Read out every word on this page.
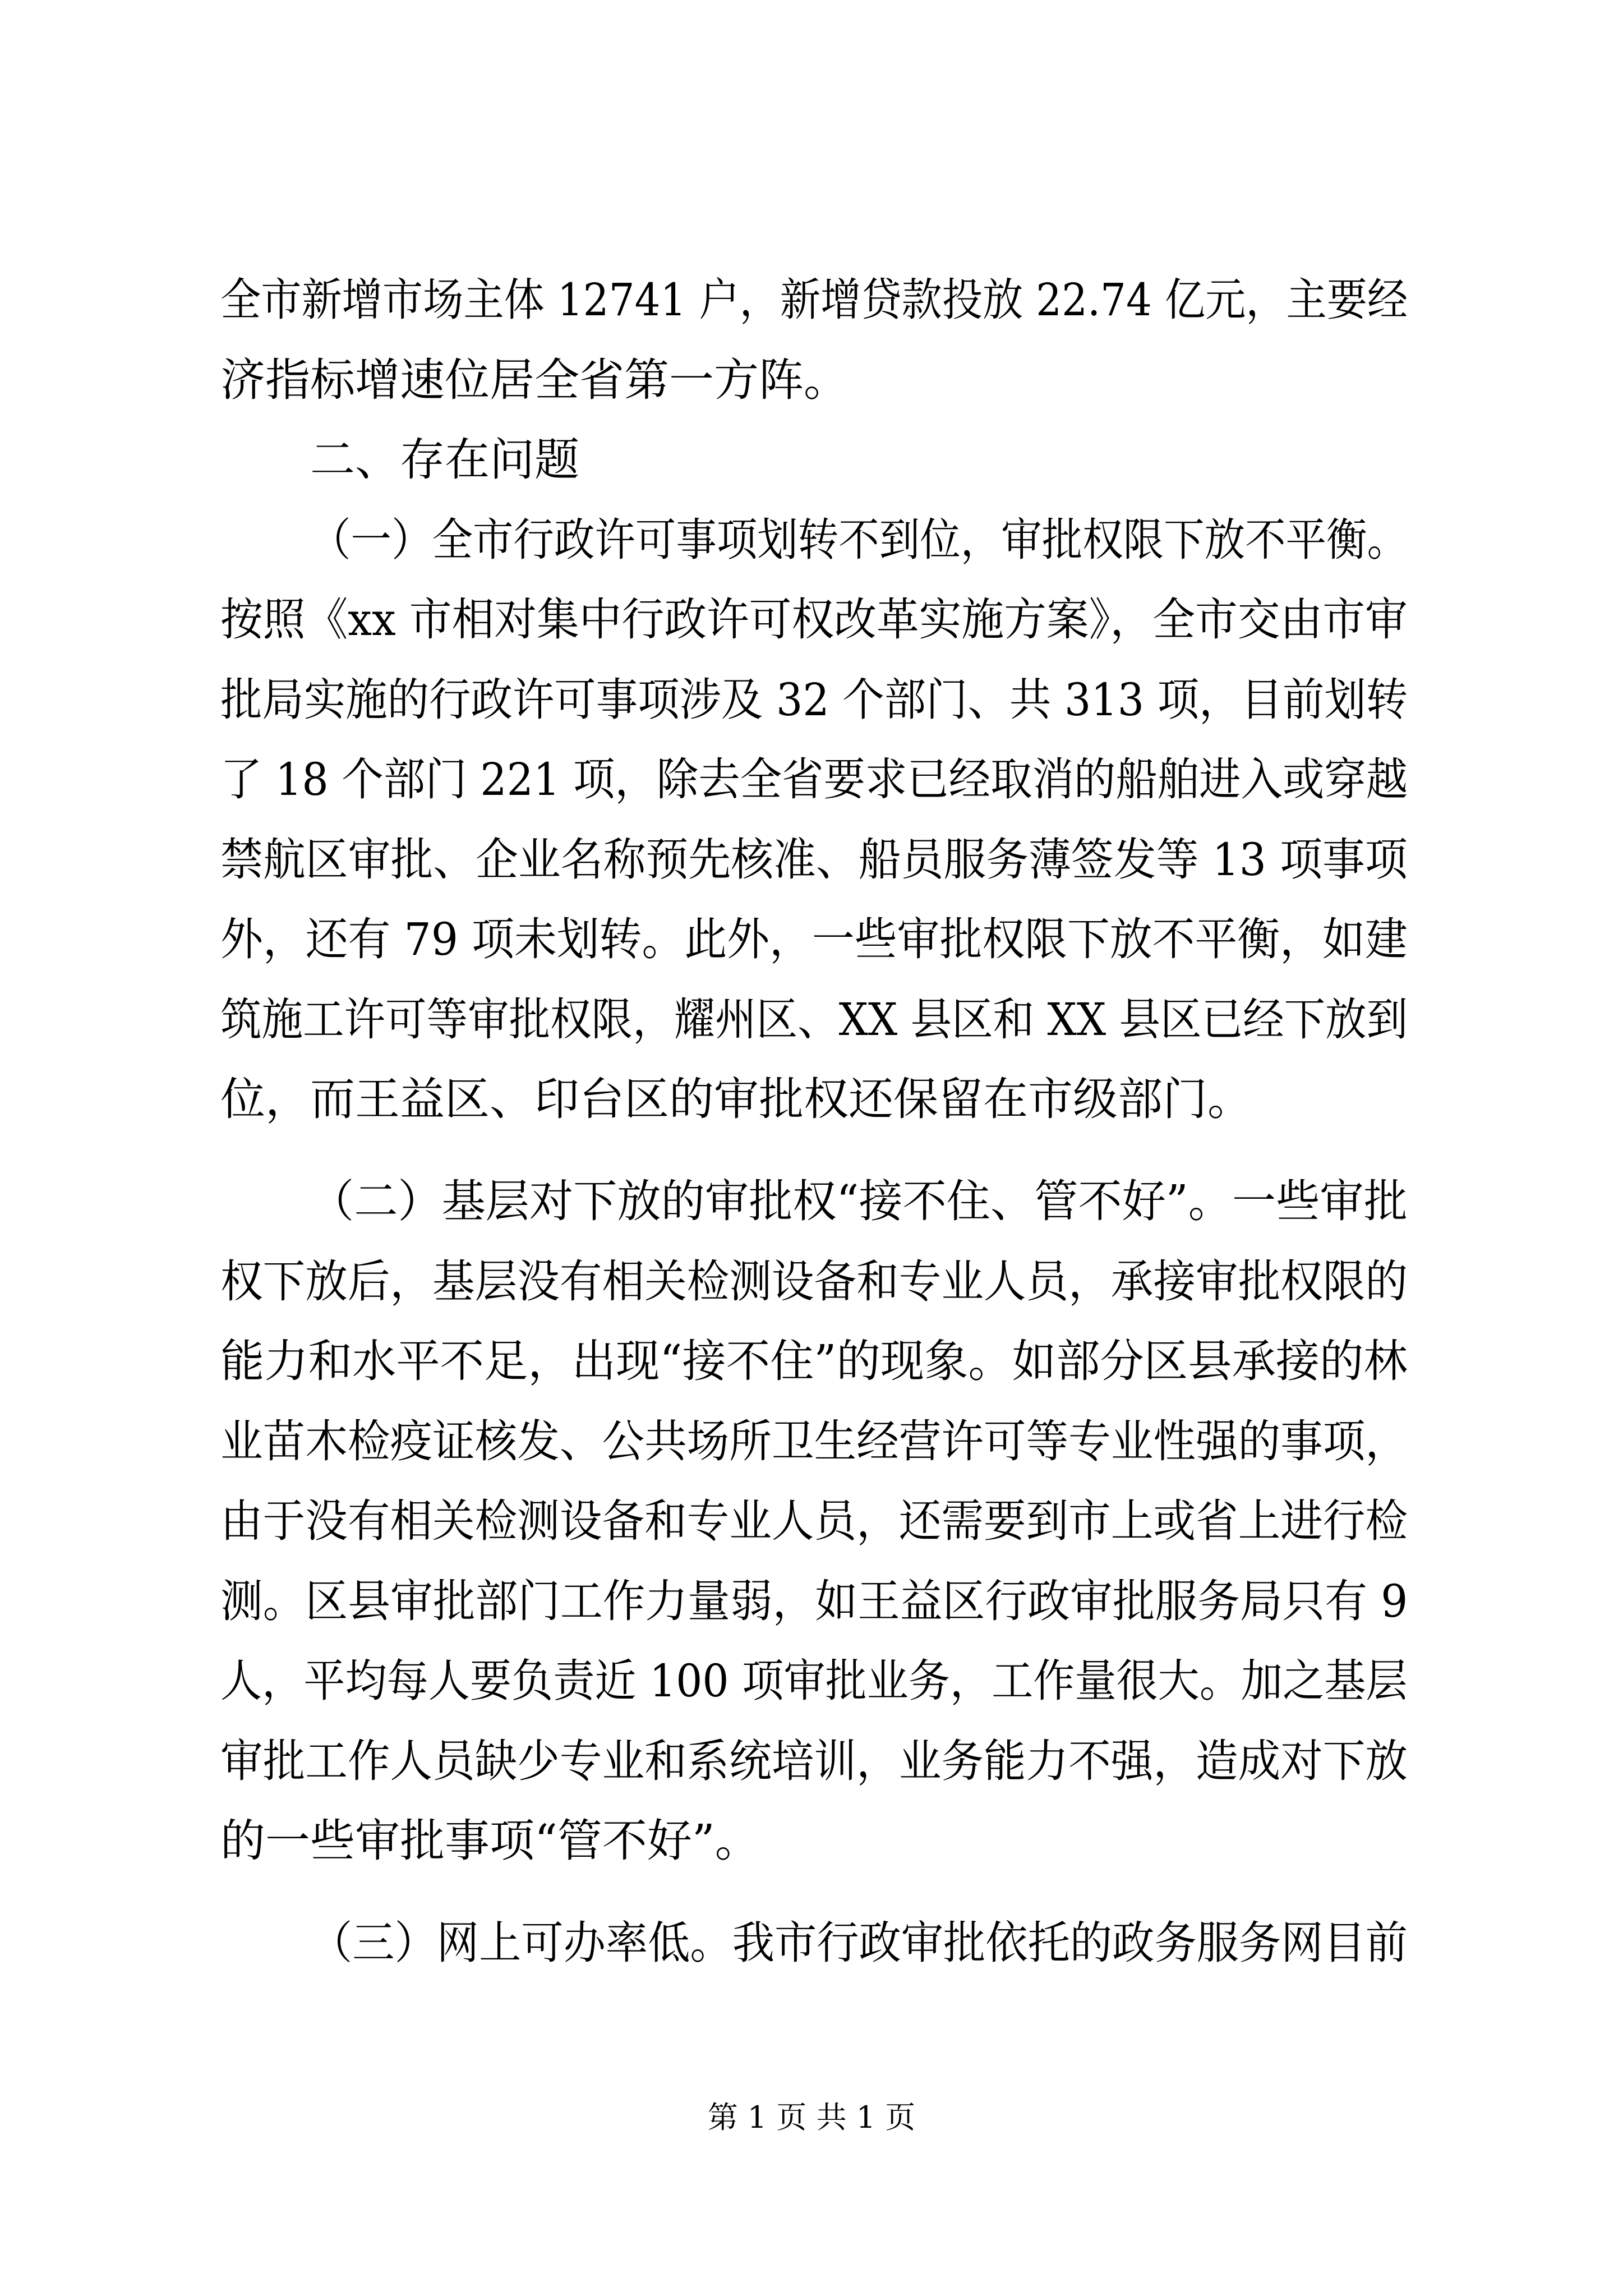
全市新增市场主体 12741 户，新增贷款投放 22.74 亿元，主要经
济指标增速位居全省第一方阵。
二、存在问题
（一）全市行政许可事项划转不到位，审批权限下放不平衡。
按照《xx 市相对集中行政许可权改革实施方案》，全市交由市审
批局实施的行政许可事项涉及 32 个部门、共 313 项，目前划转
了 18 个部门 221 项，除去全省要求已经取消的船舶进入或穿越
禁航区审批、企业名称预先核准、船员服务薄签发等 13 项事项
外，还有 79 项未划转。此外，一些审批权限下放不平衡，如建
筑施工许可等审批权限，耀州区、XX 县区和 XX 县区已经下放到
位，而王益区、印台区的审批权还保留在市级部门。
（二）基层对下放的审批权“接不住、管不好”。一些审批
权下放后，基层没有相关检测设备和专业人员，承接审批权限的
能力和水平不足，出现“接不住”的现象。如部分区县承接的林
业苗木检疫证核发、公共场所卫生经营许可等专业性强的事项，
由于没有相关检测设备和专业人员，还需要到市上或省上进行检
测。区县审批部门工作力量弱，如王益区行政审批服务局只有 9
人，平均每人要负责近 100 项审批业务，工作量很大。加之基层
审批工作人员缺少专业和系统培训，业务能力不强，造成对下放
的一些审批事项“管不好”。
（三）网上可办率低。我市行政审批依托的政务服务网目前
第 1 页 共 1 页
